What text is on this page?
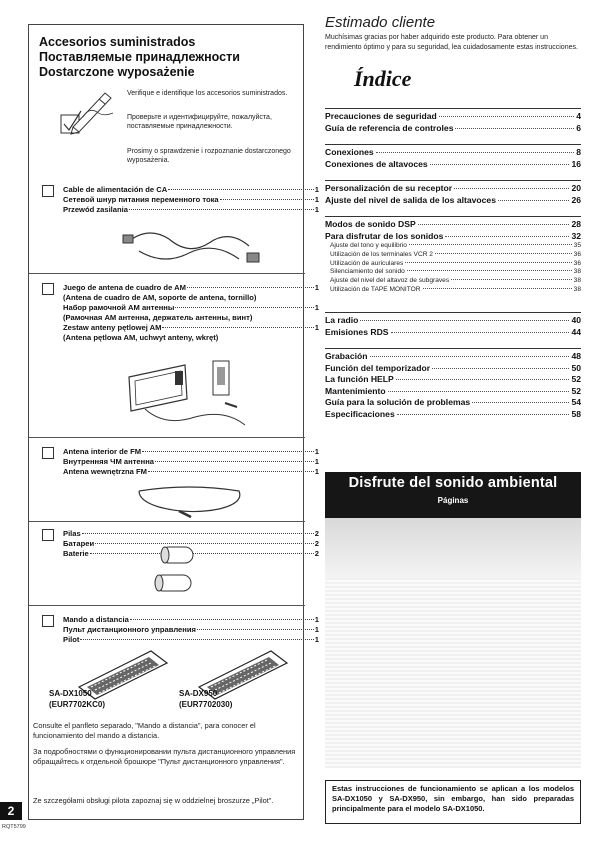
Accesorios suministrados
Поставляемые принадлежности
Dostarczone wyposażenie
Verifique e identifique los accesorios suministrados.
Проверьте и идентифицируйте, пожалуйста, поставляемые принадлежности.
Prosimy o sprawdzenie i rozpoznanie dostarczonego wyposażenia.
Cable de alimentación de CA	1
Сетевой шнур питания переменного тока	1
Przewód zasilania	1
Juego de antena de cuadro de AM	1
(Antena de cuadro de AM, soporte de antena, tornillo)
Набор рамочной AM антенны	1
(Рамочная AM антенна, держатель антенны, винт)
Zestaw anteny pętlowej AM	1
(Antena pętlowa AM, uchwyt anteny, wkręt)
Antena interior de FM	1
Внутренняя ЧМ антенна	1
Antena wewnętrzna FM	1
Pilas	2
Батареи	2
Baterie	2
Mando a distancia	1
Пульт дистанционного управления	1
Pilot	1
SA-DX1050
(EUR7702KC0)
SA-DX950
(EUR7702030)
Consulte el panfleto separado, "Mando a distancia", para conocer el funcionamiento del mando a distancia.
За подробностями о функционировании пульта дистанционного управления обращайтесь к отдельной брошюре "Пульт дистанционного управления".
Ze szczegółami obsługi pilota zapoznaj się w oddzielnej broszurze „Pilot".
2
RQT5799
Estimado cliente
Muchísimas gracias por haber adquirido este producto. Para obtener un rendimiento óptimo y para su seguridad, lea cuidadosamente estas instrucciones.
Índice
Precauciones de seguridad	4
Guía de referencia de controles	6
Conexiones	8
Conexiones de altavoces	16
Personalización de su receptor	20
Ajuste del nivel de salida de los altavoces	26
Modos de sonido DSP	28
Para disfrutar de los sonidos	32
Ajuste del tono y equilibrio	35
Utilización de los terminales VCR 2	36
Utilización de auriculares	36
Silenciamiento del sonido	38
Ajuste del nivel del altavoz de subgraves	38
Utilización de TAPE MONITOR	38
La radio	40
Emisiones RDS	44
Grabación	48
Función del temporizador	50
La función HELP	52
Mantenimiento	52
Guía para la solución de problemas	54
Especificaciones	58
Disfrute del sonido ambiental
Páginas
Estas instrucciones de funcionamiento se aplican a los modelos SA-DX1050 y SA-DX950, sin embargo, han sido preparadas principalmente para el modelo SA-DX1050.
